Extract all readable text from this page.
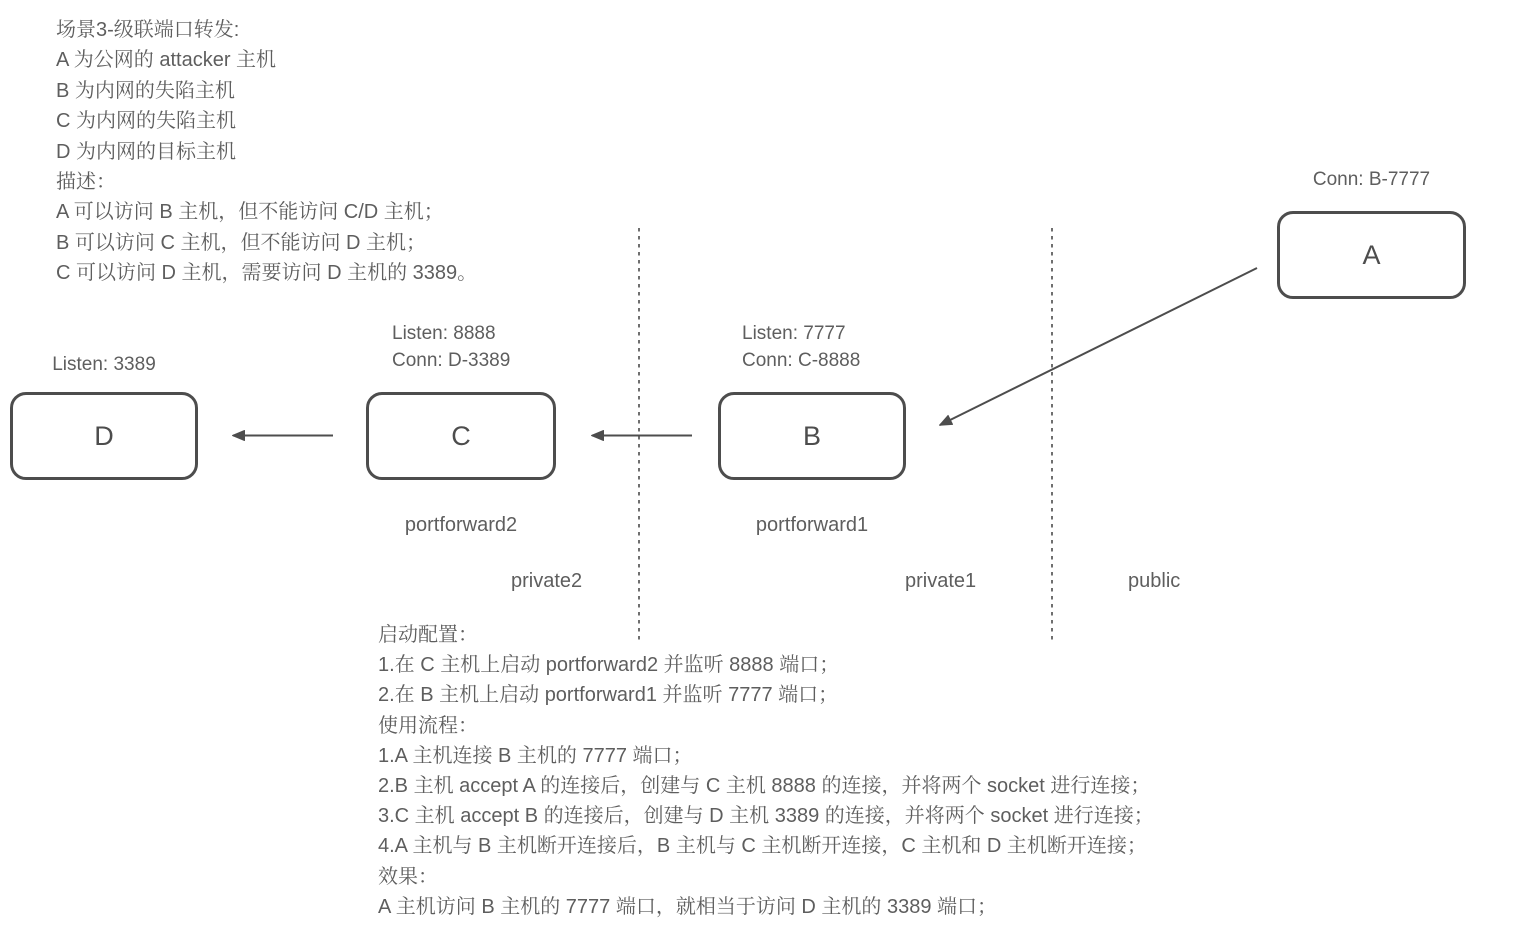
场景3-级联端口转发:
A 为公网的 attacker 主机
B 为内网的失陷主机
C 为内网的失陷主机
D 为内网的目标主机
描述：
A 可以访问 B 主机，但不能访问 C/D 主机；
B 可以访问 C 主机，但不能访问 D 主机；
C 可以访问 D 主机，需要访问 D 主机的 3389。
Listen: 3389
Listen: 8888
Conn: D-3389
Listen: 7777
Conn: C-8888
Conn: B-7777
D	C	B
A
portforward2	portforward1
private2	private1	public
启动配置：
1.在 C 主机上启动 portforward2 并监听 8888 端口；
2.在 B 主机上启动 portforward1 并监听 7777 端口；
使用流程：
1.A 主机连接 B 主机的 7777 端口；
2.B 主机 accept A 的连接后，创建与 C 主机 8888 的连接，并将两个 socket 进行连接；
3.C 主机 accept B 的连接后，创建与 D 主机 3389 的连接，并将两个 socket 进行连接；
4.A 主机与 B 主机断开连接后，B 主机与 C 主机断开连接，C 主机和 D 主机断开连接；
效果：
A 主机访问 B 主机的 7777 端口，就相当于访问 D 主机的 3389 端口；
